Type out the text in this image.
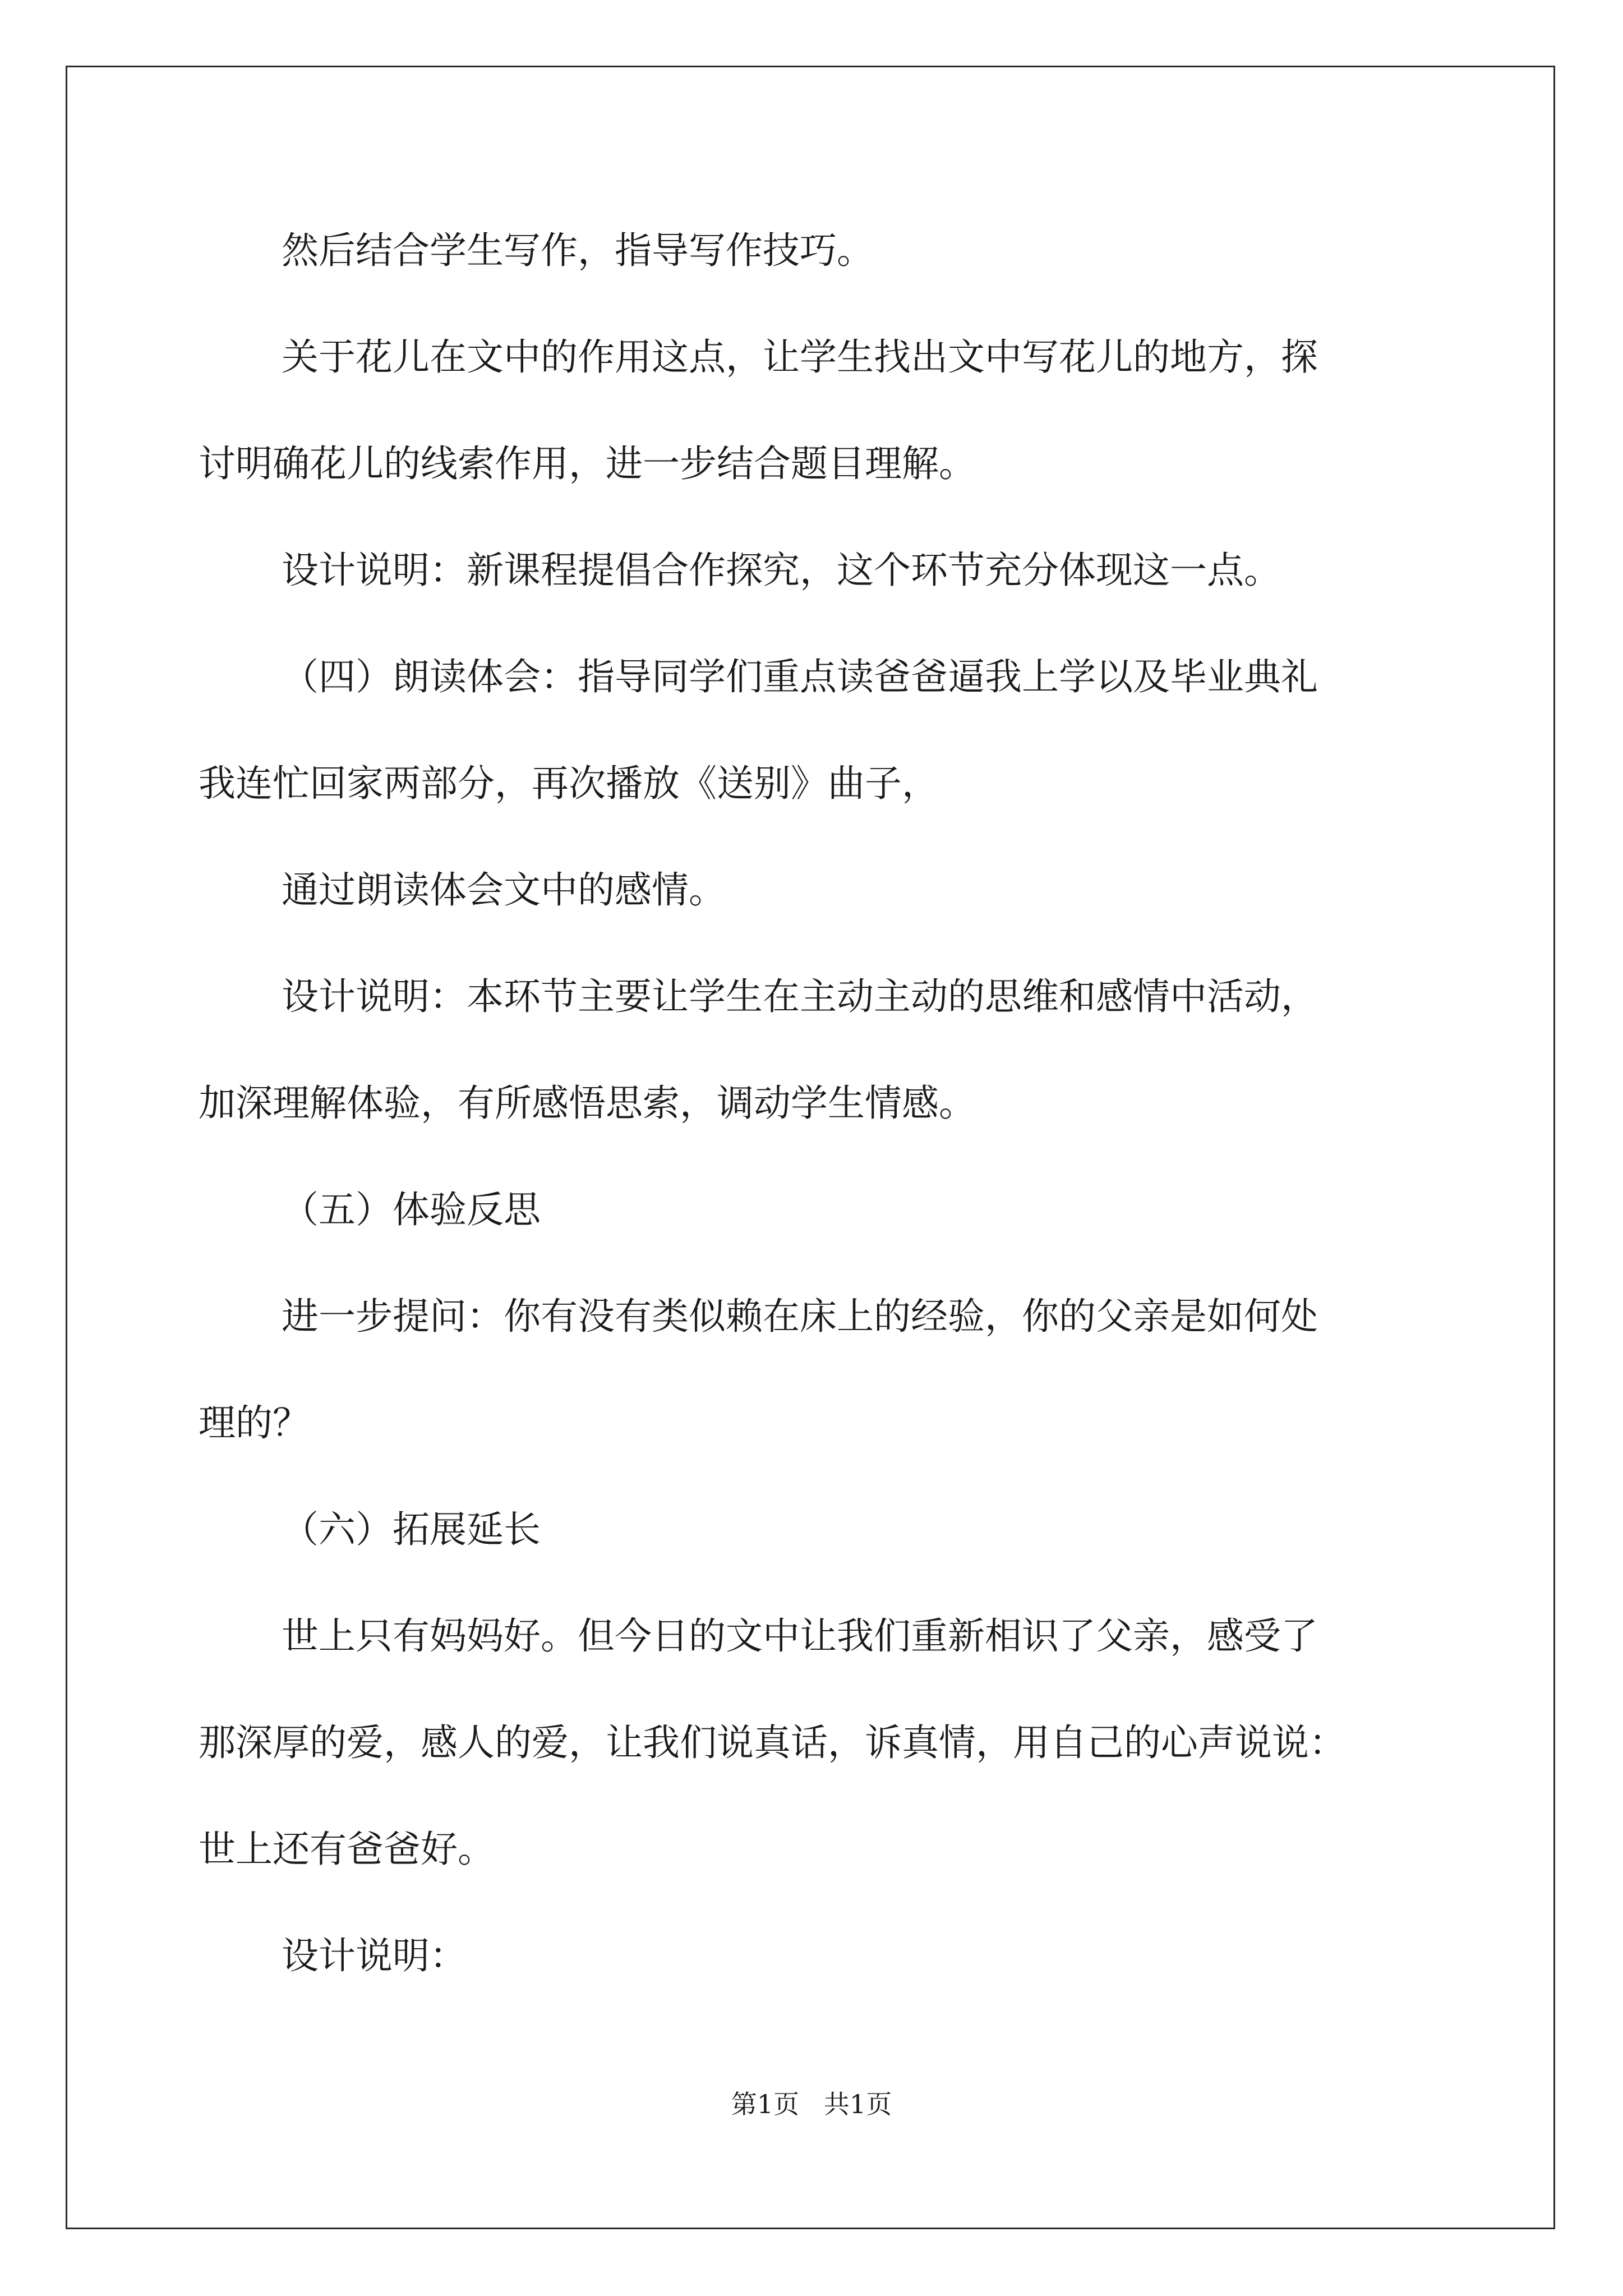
然后结合学生写作，指导写作技巧。
关于花儿在文中的作用这点，让学生找出文中写花儿的地方，探
讨明确花儿的线索作用，进一步结合题目理解。
设计说明：新课程提倡合作探究，这个环节充分体现这一点。
（四）朗读体会：指导同学们重点读爸爸逼我上学以及毕业典礼
我连忙回家两部分，再次播放《送别》曲子，
通过朗读体会文中的感情。
设计说明：本环节主要让学生在主动主动的思维和感情中活动，
加深理解体验，有所感悟思索，调动学生情感。
（五）体验反思
进一步提问：你有没有类似赖在床上的经验，你的父亲是如何处
理的？
（六）拓展延长
世上只有妈妈好。但今日的文中让我们重新相识了父亲，感受了
那深厚的爱，感人的爱，让我们说真话，诉真情，用自己的心声说说：
世上还有爸爸好。
设计说明：
第1页   共1页
